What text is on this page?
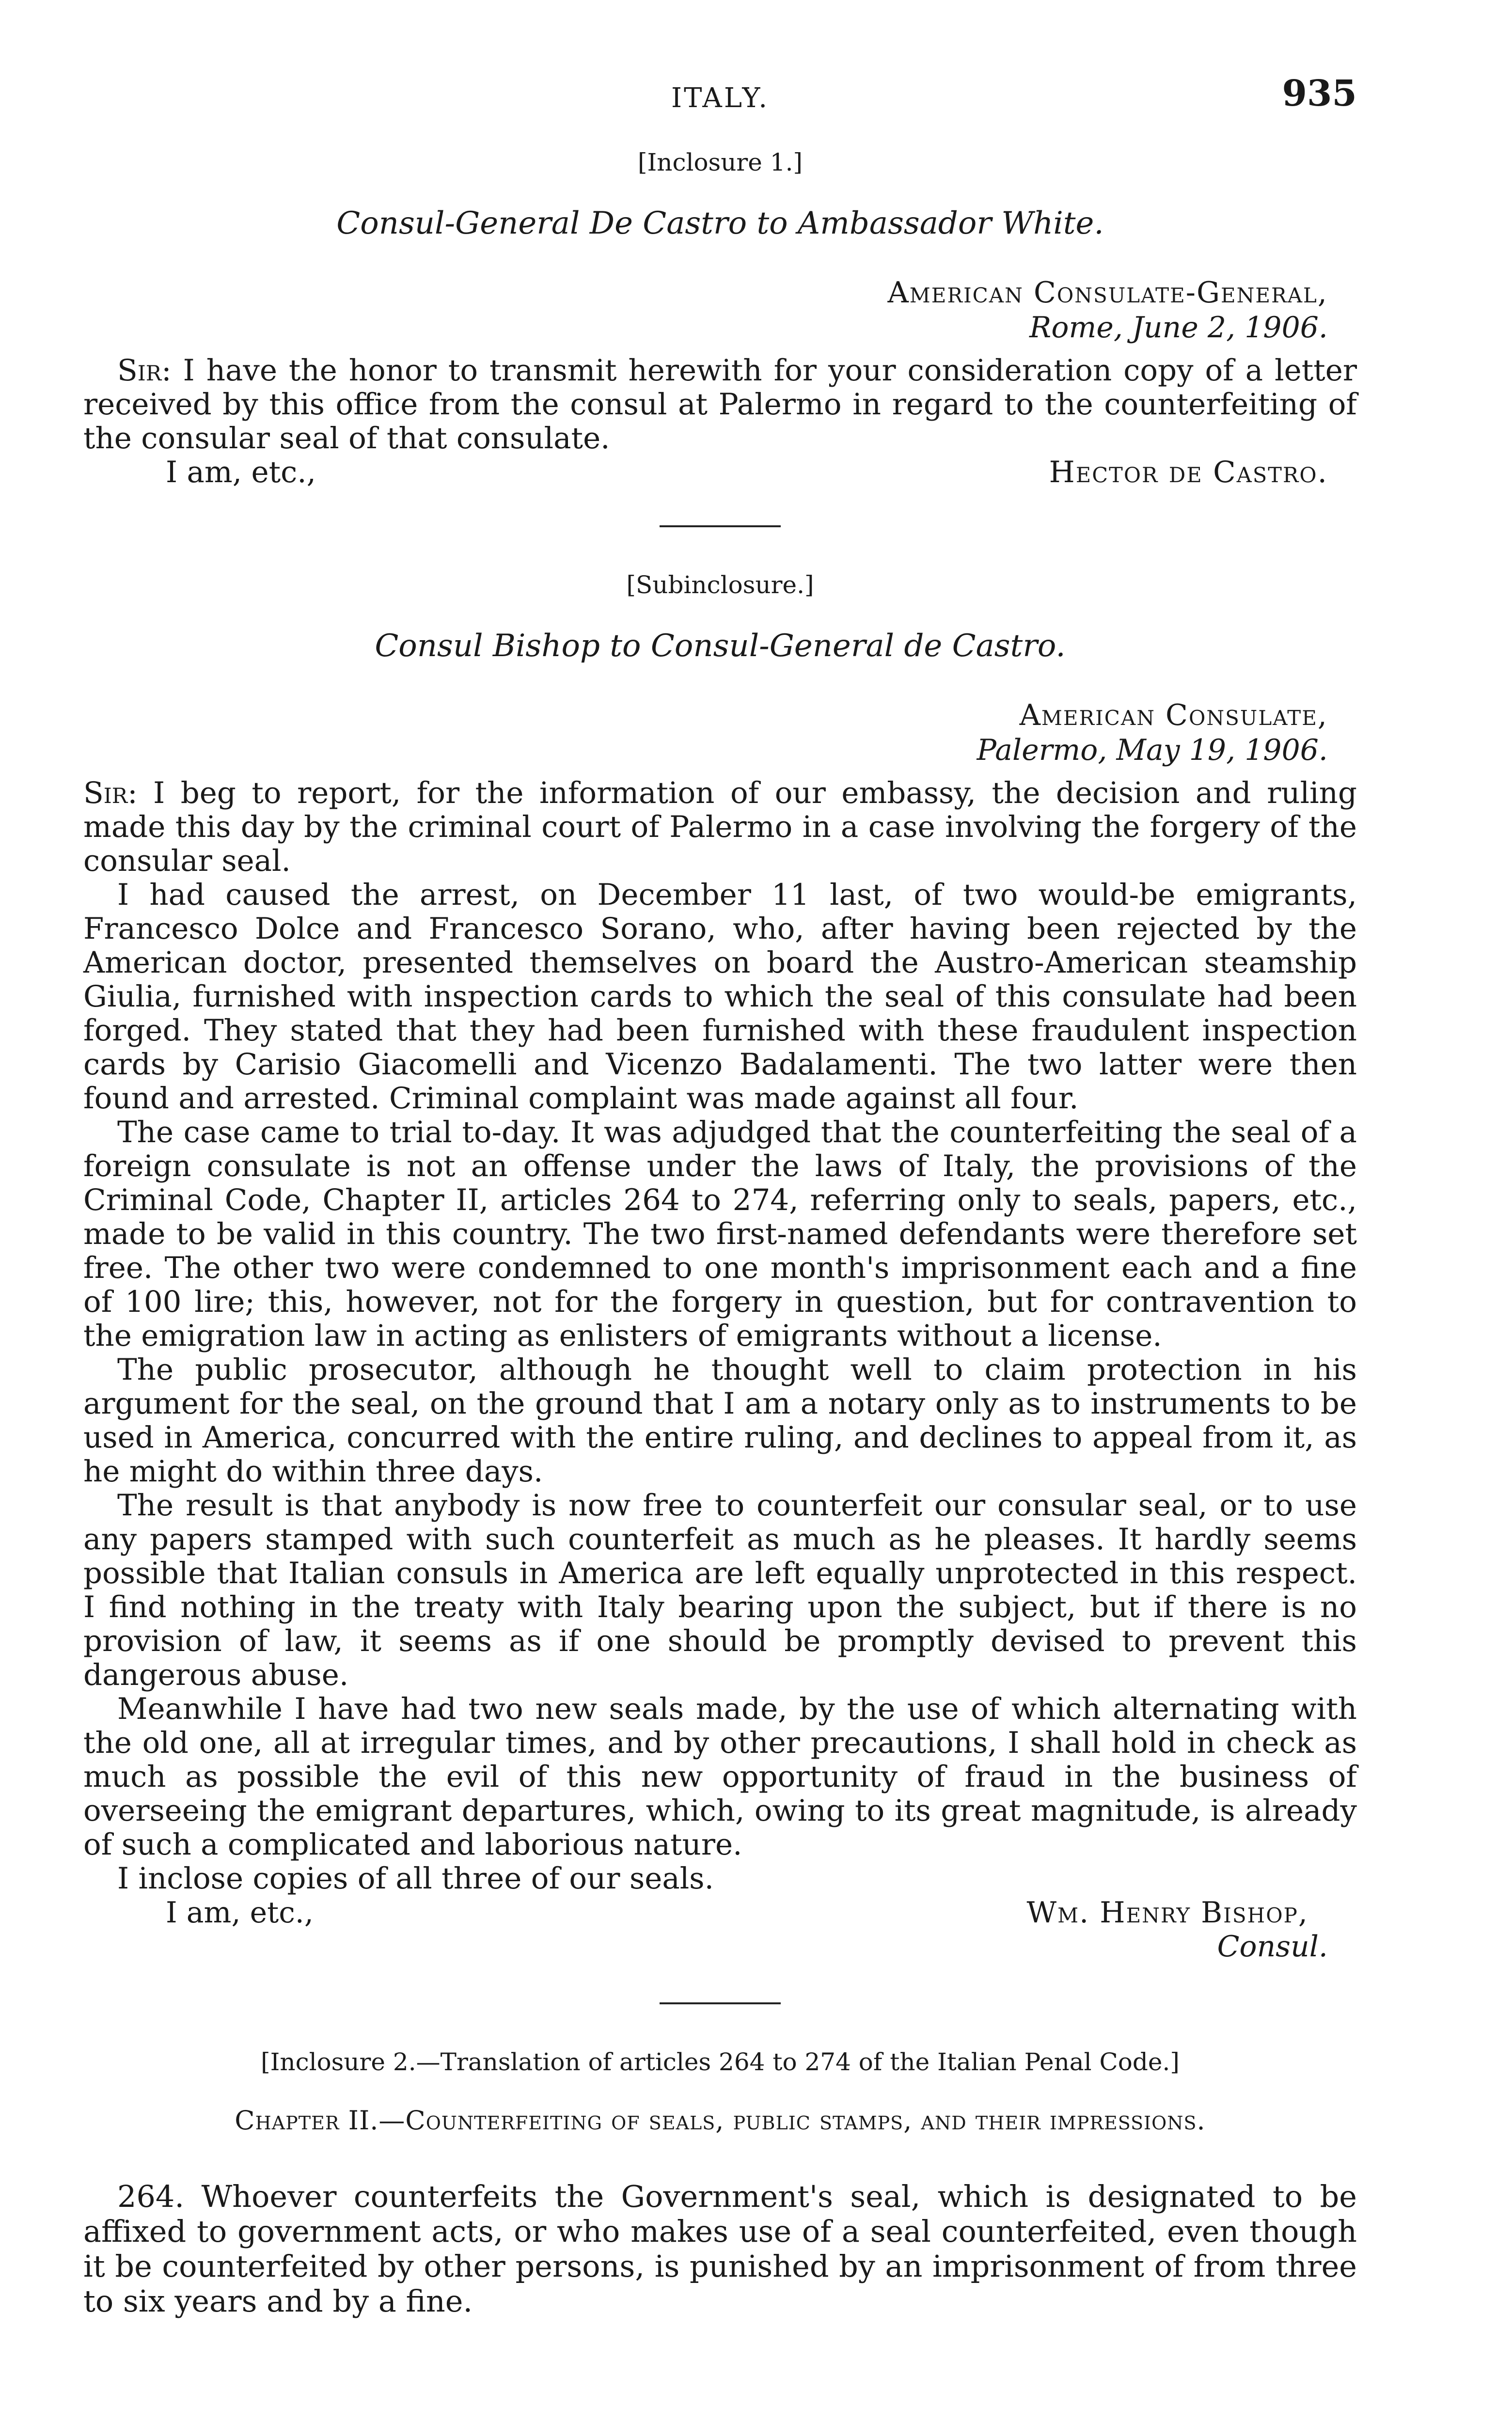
ITALY.	935
[Inclosure 1.]
Consul-General De Castro to Ambassador White.
American Consulate-General,
Rome, June 2, 1906.

Sir: I have the honor to transmit herewith for your consideration copy of a letter received by this office from the consul at Palermo in regard to the counterfeiting of the consular seal of that consulate.

I am, etc.,	Hector de Castro.
[Subinclosure.]
Consul Bishop to Consul-General de Castro.
American Consulate,
Palermo, May 19, 1906.

Sir: I beg to report, for the information of our embassy, the decision and ruling made this day by the criminal court of Palermo in a case involving the forgery of the consular seal.

I had caused the arrest, on December 11 last, of two would-be emigrants, Francesco Dolce and Francesco Sorano, who, after having been rejected by the American doctor, presented themselves on board the Austro-American steamship Giulia, furnished with inspection cards to which the seal of this consulate had been forged. They stated that they had been furnished with these fraudulent inspection cards by Carisio Giacomelli and Vicenzo Badalamenti. The two latter were then found and arrested. Criminal complaint was made against all four.

The case came to trial to-day. It was adjudged that the counterfeiting the seal of a foreign consulate is not an offense under the laws of Italy, the provisions of the Criminal Code, Chapter II, articles 264 to 274, referring only to seals, papers, etc., made to be valid in this country. The two first-named defendants were therefore set free. The other two were condemned to one month's imprisonment each and a fine of 100 lire; this, however, not for the forgery in question, but for contravention to the emigration law in acting as enlisters of emigrants without a license.

The public prosecutor, although he thought well to claim protection in his argument for the seal, on the ground that I am a notary only as to instruments to be used in America, concurred with the entire ruling, and declines to appeal from it, as he might do within three days.

The result is that anybody is now free to counterfeit our consular seal, or to use any papers stamped with such counterfeit as much as he pleases. It hardly seems possible that Italian consuls in America are left equally unprotected in this respect. I find nothing in the treaty with Italy bearing upon the subject, but if there is no provision of law, it seems as if one should be promptly devised to prevent this dangerous abuse.

Meanwhile I have had two new seals made, by the use of which alternating with the old one, all at irregular times, and by other precautions, I shall hold in check as much as possible the evil of this new opportunity of fraud in the business of overseeing the emigrant departures, which, owing to its great magnitude, is already of such a complicated and laborious nature.

I inclose copies of all three of our seals.

I am, etc.,	Wm. Henry Bishop,
Consul.
[Inclosure 2.—Translation of articles 264 to 274 of the Italian Penal Code.]
Chapter II.—Counterfeiting of seals, public stamps, and their impressions.

264. Whoever counterfeits the Government's seal, which is designated to be affixed to government acts, or who makes use of a seal counterfeited, even though it be counterfeited by other persons, is punished by an imprisonment of from three to six years and by a fine.
